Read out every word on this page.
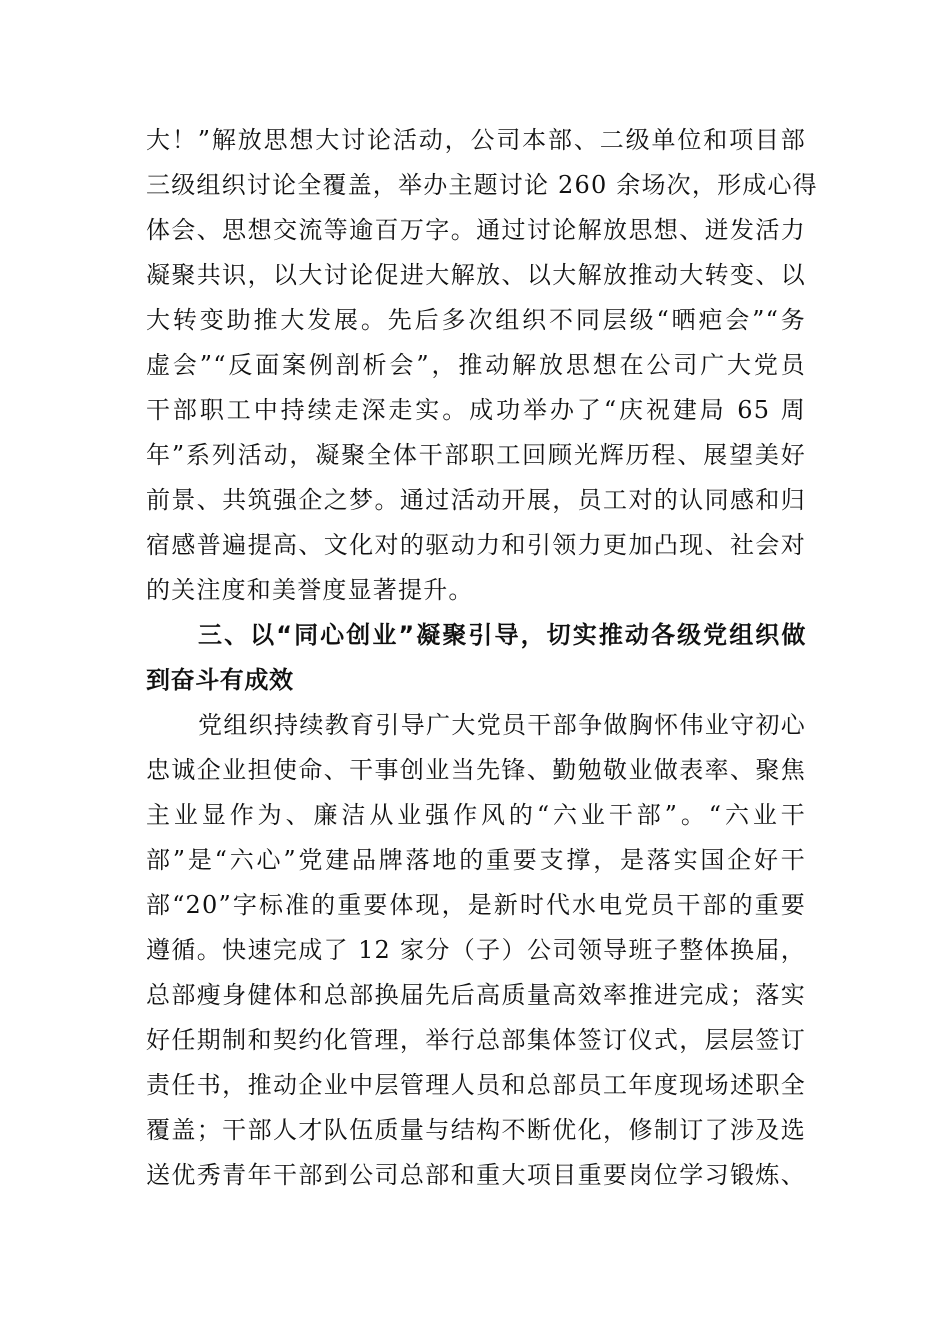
大！”解放思想大讨论活动，公司本部、二级单位和项目部
三级组织讨论全覆盖，举办主题讨论 260 余场次，形成心得
体会、思想交流等逾百万字。通过讨论解放思想、迸发活力
凝聚共识，以大讨论促进大解放、以大解放推动大转变、以
大转变助推大发展。先后多次组织不同层级“晒疤会”“务
虚会”“反面案例剖析会”，推动解放思想在公司广大党员
干部职工中持续走深走实。成功举办了“庆祝建局 65 周
年”系列活动，凝聚全体干部职工回顾光辉历程、展望美好
前景、共筑强企之梦。通过活动开展，员工对的认同感和归
宿感普遍提高、文化对的驱动力和引领力更加凸现、社会对
的关注度和美誉度显著提升。
三、以“同心创业”凝聚引导，切实推动各级党组织做
到奋斗有成效
党组织持续教育引导广大党员干部争做胸怀伟业守初心
忠诚企业担使命、干事创业当先锋、勤勉敬业做表率、聚焦
主业显作为、廉洁从业强作风的“六业干部”。“六业干
部”是“六心”党建品牌落地的重要支撑，是落实国企好干
部“20”字标准的重要体现，是新时代水电党员干部的重要
遵循。快速完成了 12 家分（子）公司领导班子整体换届，
总部瘦身健体和总部换届先后高质量高效率推进完成；落实
好任期制和契约化管理，举行总部集体签订仪式，层层签订
责任书，推动企业中层管理人员和总部员工年度现场述职全
覆盖；干部人才队伍质量与结构不断优化，修制订了涉及选
送优秀青年干部到公司总部和重大项目重要岗位学习锻炼、
